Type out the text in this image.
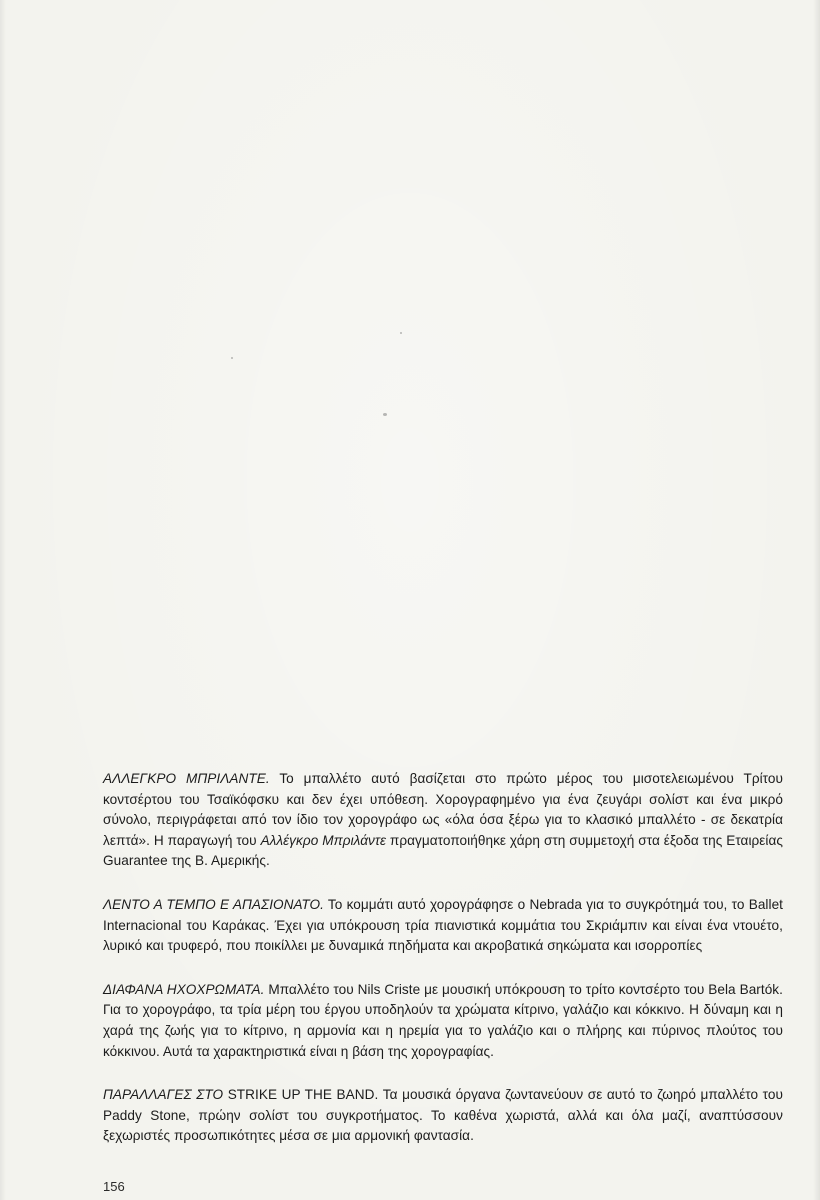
ΑΛΛΕΓΚΡΟ ΜΠΡΙΛΑΝΤΕ. Το μπαλλέτο αυτό βασίζεται στο πρώτο μέρος του μισοτελειωμένου Τρίτου κοντσέρτου του Τσαϊκόφσκυ και δεν έχει υπόθεση. Χορογραφημένο για ένα ζευγάρι σολίστ και ένα μικρό σύνολο, περιγράφεται από τον ίδιο τον χορογράφο ως «όλα όσα ξέρω για το κλασικό μπαλλέτο - σε δεκατρία λεπτά». Η παραγωγή του Αλλέγκρο Μπριλάντε πραγματοποιήθηκε χάρη στη συμμετοχή στα έξοδα της Εταιρείας Guarantee της Β. Αμερικής.

ΛΕΝΤΟ Α ΤΕΜΠΟ Ε ΑΠΑΣΙΟΝΑΤΟ. Το κομμάτι αυτό χορογράφησε ο Nebrada για το συγκρότημά του, το Ballet Internacional του Καράκας. Έχει για υπόκρουση τρία πιανιστικά κομμάτια του Σκριάμπιν και είναι ένα ντουέτο, λυρικό και τρυφερό, που ποικίλλει με δυναμικά πηδήματα και ακροβατικά σηκώματα και ισορροπίες

ΔΙΑΦΑΝΑ ΗΧΟΧΡΩΜΑΤΑ. Μπαλλέτο του Nils Criste με μουσική υπόκρουση το τρίτο κοντσέρτο του Bela Bartók. Για το χορογράφο, τα τρία μέρη του έργου υποδηλούν τα χρώματα κίτρινο, γαλάζιο και κόκκινο. Η δύναμη και η χαρά της ζωής για το κίτρινο, η αρμονία και η ηρεμία για το γαλάζιο και ο πλήρης και πύρινος πλούτος του κόκκινου. Αυτά τα χαρακτηριστικά είναι η βάση της χορογραφίας.

ΠΑΡΑΛΛΑΓΕΣ ΣΤΟ STRIKE UP THE BAND. Τα μουσικά όργανα ζωντανεύουν σε αυτό το ζωηρό μπαλλέτο του Paddy Stone, πρώην σολίστ του συγκροτήματος. Το καθένα χωριστά, αλλά και όλα μαζί, αναπτύσσουν ξεχωριστές προσωπικότητες μέσα σε μια αρμονική φαντασία.

156
